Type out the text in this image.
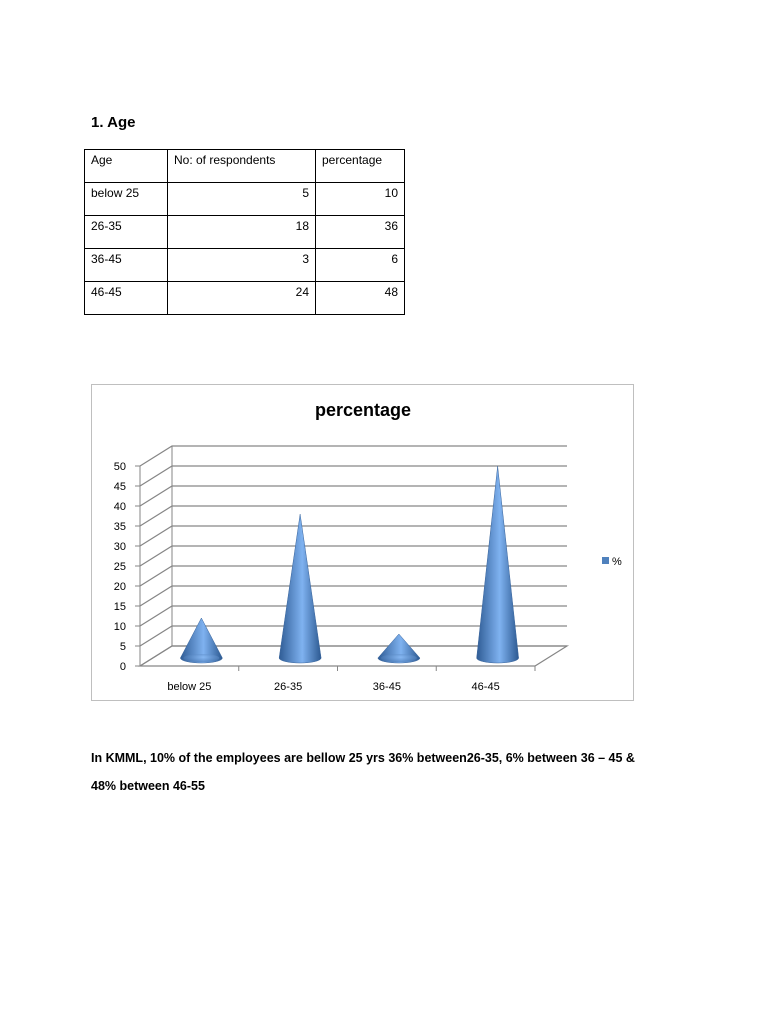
1. Age
Age	No: of respondents	percentage

below 25	5	10

26-35	18	36

36-45	3	6

46-45	24	48
percentage
0
5
10
15
20
25
30
35
40
45
50
below 25	26-35	36-45	46-45
%
In KMML, 10% of the employees are bellow 25 yrs 36% between26-35, 6% between 36 – 45 &
48% between 46-55
